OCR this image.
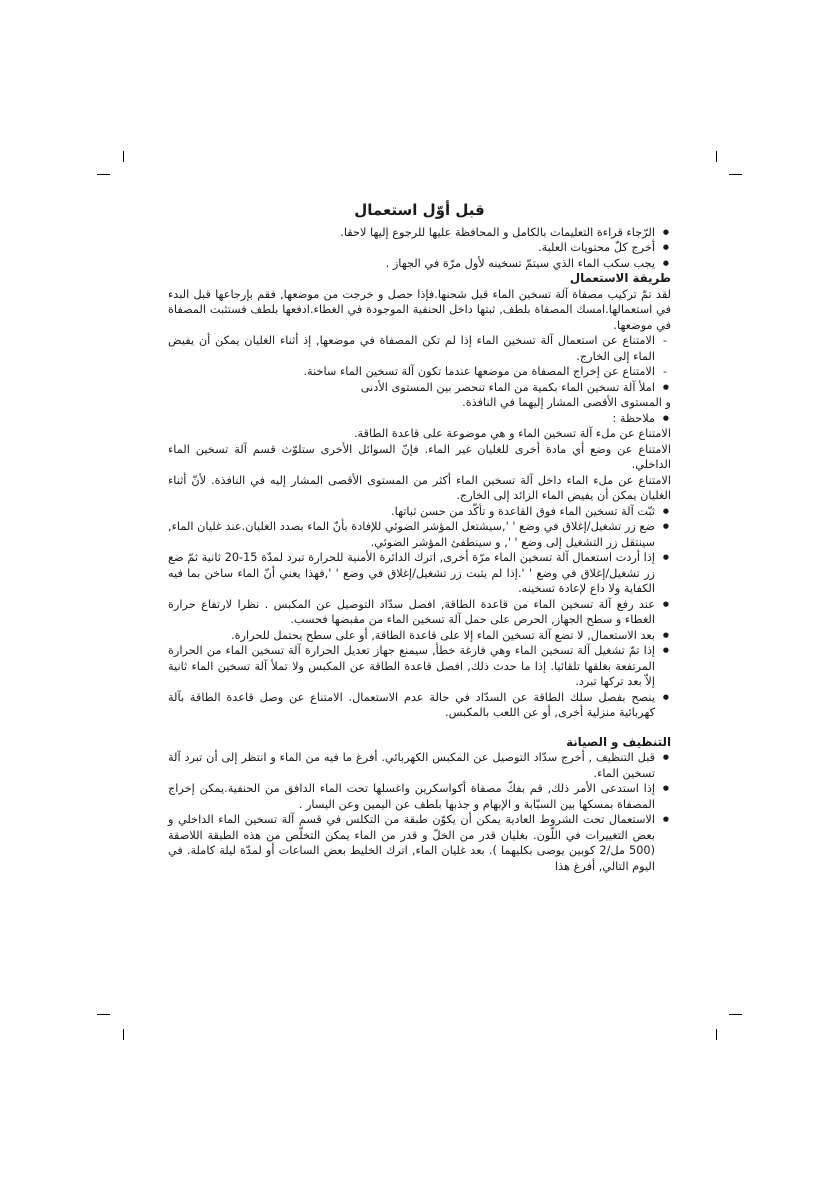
قبل أوّل استعمال
● الرّجاء قراءة التعليمات بالكامل و المحافظة عليها للرجوع إليها لاحقا.
● أخرج كلّ محتويات العلبة.
● يجب سكب الماء الذي سيتمّ تسخينه لأول مرّة في الجهاز .
طريقة الاستعمال

لقد تمّ تركيب مصفاة آلة تسخين الماء قبل شحنها.فإذا حصل و خرجت من موضعها, فقم بإرجاعها قبل البدء في استعمالها.امسك المصفاة بلطف, ثبتها داخل الحنفية الموجودة في الغطاء.ادفعها بلطف فستثبت المصفاة في موضعها.

- الامتناع عن استعمال آلة تسخين الماء إذا لم تكن المصفاة في موضعها, إذ أثناء الغليان يمكن أن يفيض الماء إلى الخارج.
- الامتناع عن إخراج المصفاة من موضعها عندما تكون آلة تسخين الماء ساخنة.
● املأ آلة تسخين الماء بكمية من الماء تنحصر بين المستوى الأدنى

و المستوى الأقصى المشار إليهما في النافذة.

● ملاحظة :

الامتناع عن ملء آلة تسخين الماء و هي موضوعة على قاعدة الطاقة.

الامتناع عن وضع أي مادة أخرى للغليان غير الماء. فإنّ السوائل الأخرى ستلوّث قسم آلة تسخين الماء الداخلي.

الامتناع عن ملء الماء داخل آلة تسخين الماء أكثر من المستوى الأقصى المشار إليه في النافذة. لأنّ أثناء الغليان يمكن أن يفيض الماء الزائد إلى الخارج.

● ثبّت آلة تسخين الماء فوق القاعدة و تأكّد من حسن ثباتها.
● ضع زر تشغيل/إغلاق في وضع ' ',سيشتعل المؤشر الضوئي للإفادة بأنّ الماء بصدد الغليان.عند غليان الماء, سينتقل زر التشغيل إلى وضع ' ', و سينطفئ المؤشر الضوئي.
● إذا أردت استعمال آلة تسخين الماء مرّة أخرى, اترك الدائرة الأمنية للحرارة تبرد لمدّة 15-20 ثانية ثمّ ضع زر تشغيل/إغلاق في وضع ' '.إذا لم يثبت زر تشغيل/إغلاق في وضع ' ',فهذا يعني أنّ الماء ساخن بما فيه الكفاية ولا داع لإعادة تسخينه.
● عند رفع آلة تسخين الماء من قاعدة الطاقة, افصل سدّاد التوصيل عن المكبس . نظرا لارتفاع حرارة الغطاء و سطح الجهاز, الحرص على حمل آلة تسخين الماء من مقبضها فحسب.
● بعد الاستعمال, لا تضع آلة تسخين الماء إلا على قاعدة الطاقة, أو على سطح يحتمل للحرارة.
● إذا تمّ تشغيل آلة تسخين الماء وهي فارغة خطأ, سيمنع جهاز تعديل الحرارة آلة تسخين الماء من الحرارة المرتفعة بغلقها تلقائيا. إذا ما حدث ذلك, افصل قاعدة الطاقة عن المكبس ولا تملأ آلة تسخين الماء ثانية إلاّ بعد تركها تبرد.
● ينصح بفصل سلك الطاقة عن السدّاد في حالة عدم الاستعمال. الامتناع عن وصل قاعدة الطاقة بآلة كهربائية منزلية أخرى, أو عن اللعب بالمكبس.
التنظيف و الصيانة
● قبل التنظيف , أخرج سدّاد التوصيل عن المكبس الكهربائي. أفرغ ما فيه من الماء و انتظر إلى أن تبرد آلة تسخين الماء.
● إذا استدعى الأمر ذلك, قم بفكّ مصفاة أكواسكرين واغسلها تحت الماء الدافق من الحنفية.يمكن إخراج المصفاة بمسكها بين السبّابة و الإبهام و جذبها بلطف عن اليمين وعن اليسار .
● الاستعمال تحت الشروط العادية يمكن أن يكوّن طبقة من التكلس في قسم آلة تسخين الماء الداخلي و بعض التغييرات في اللّون. بغليان قدر من الخلّ و قدر من الماء يمكن التخلّص من هذه الطبقة اللاصقة (500 مل/2 كوبين يوصى بكليهما ). بعد غليان الماء, اترك الخليط بعض الساعات أو لمدّة ليلة كاملة. في اليوم التالي, أفرغ هذا
